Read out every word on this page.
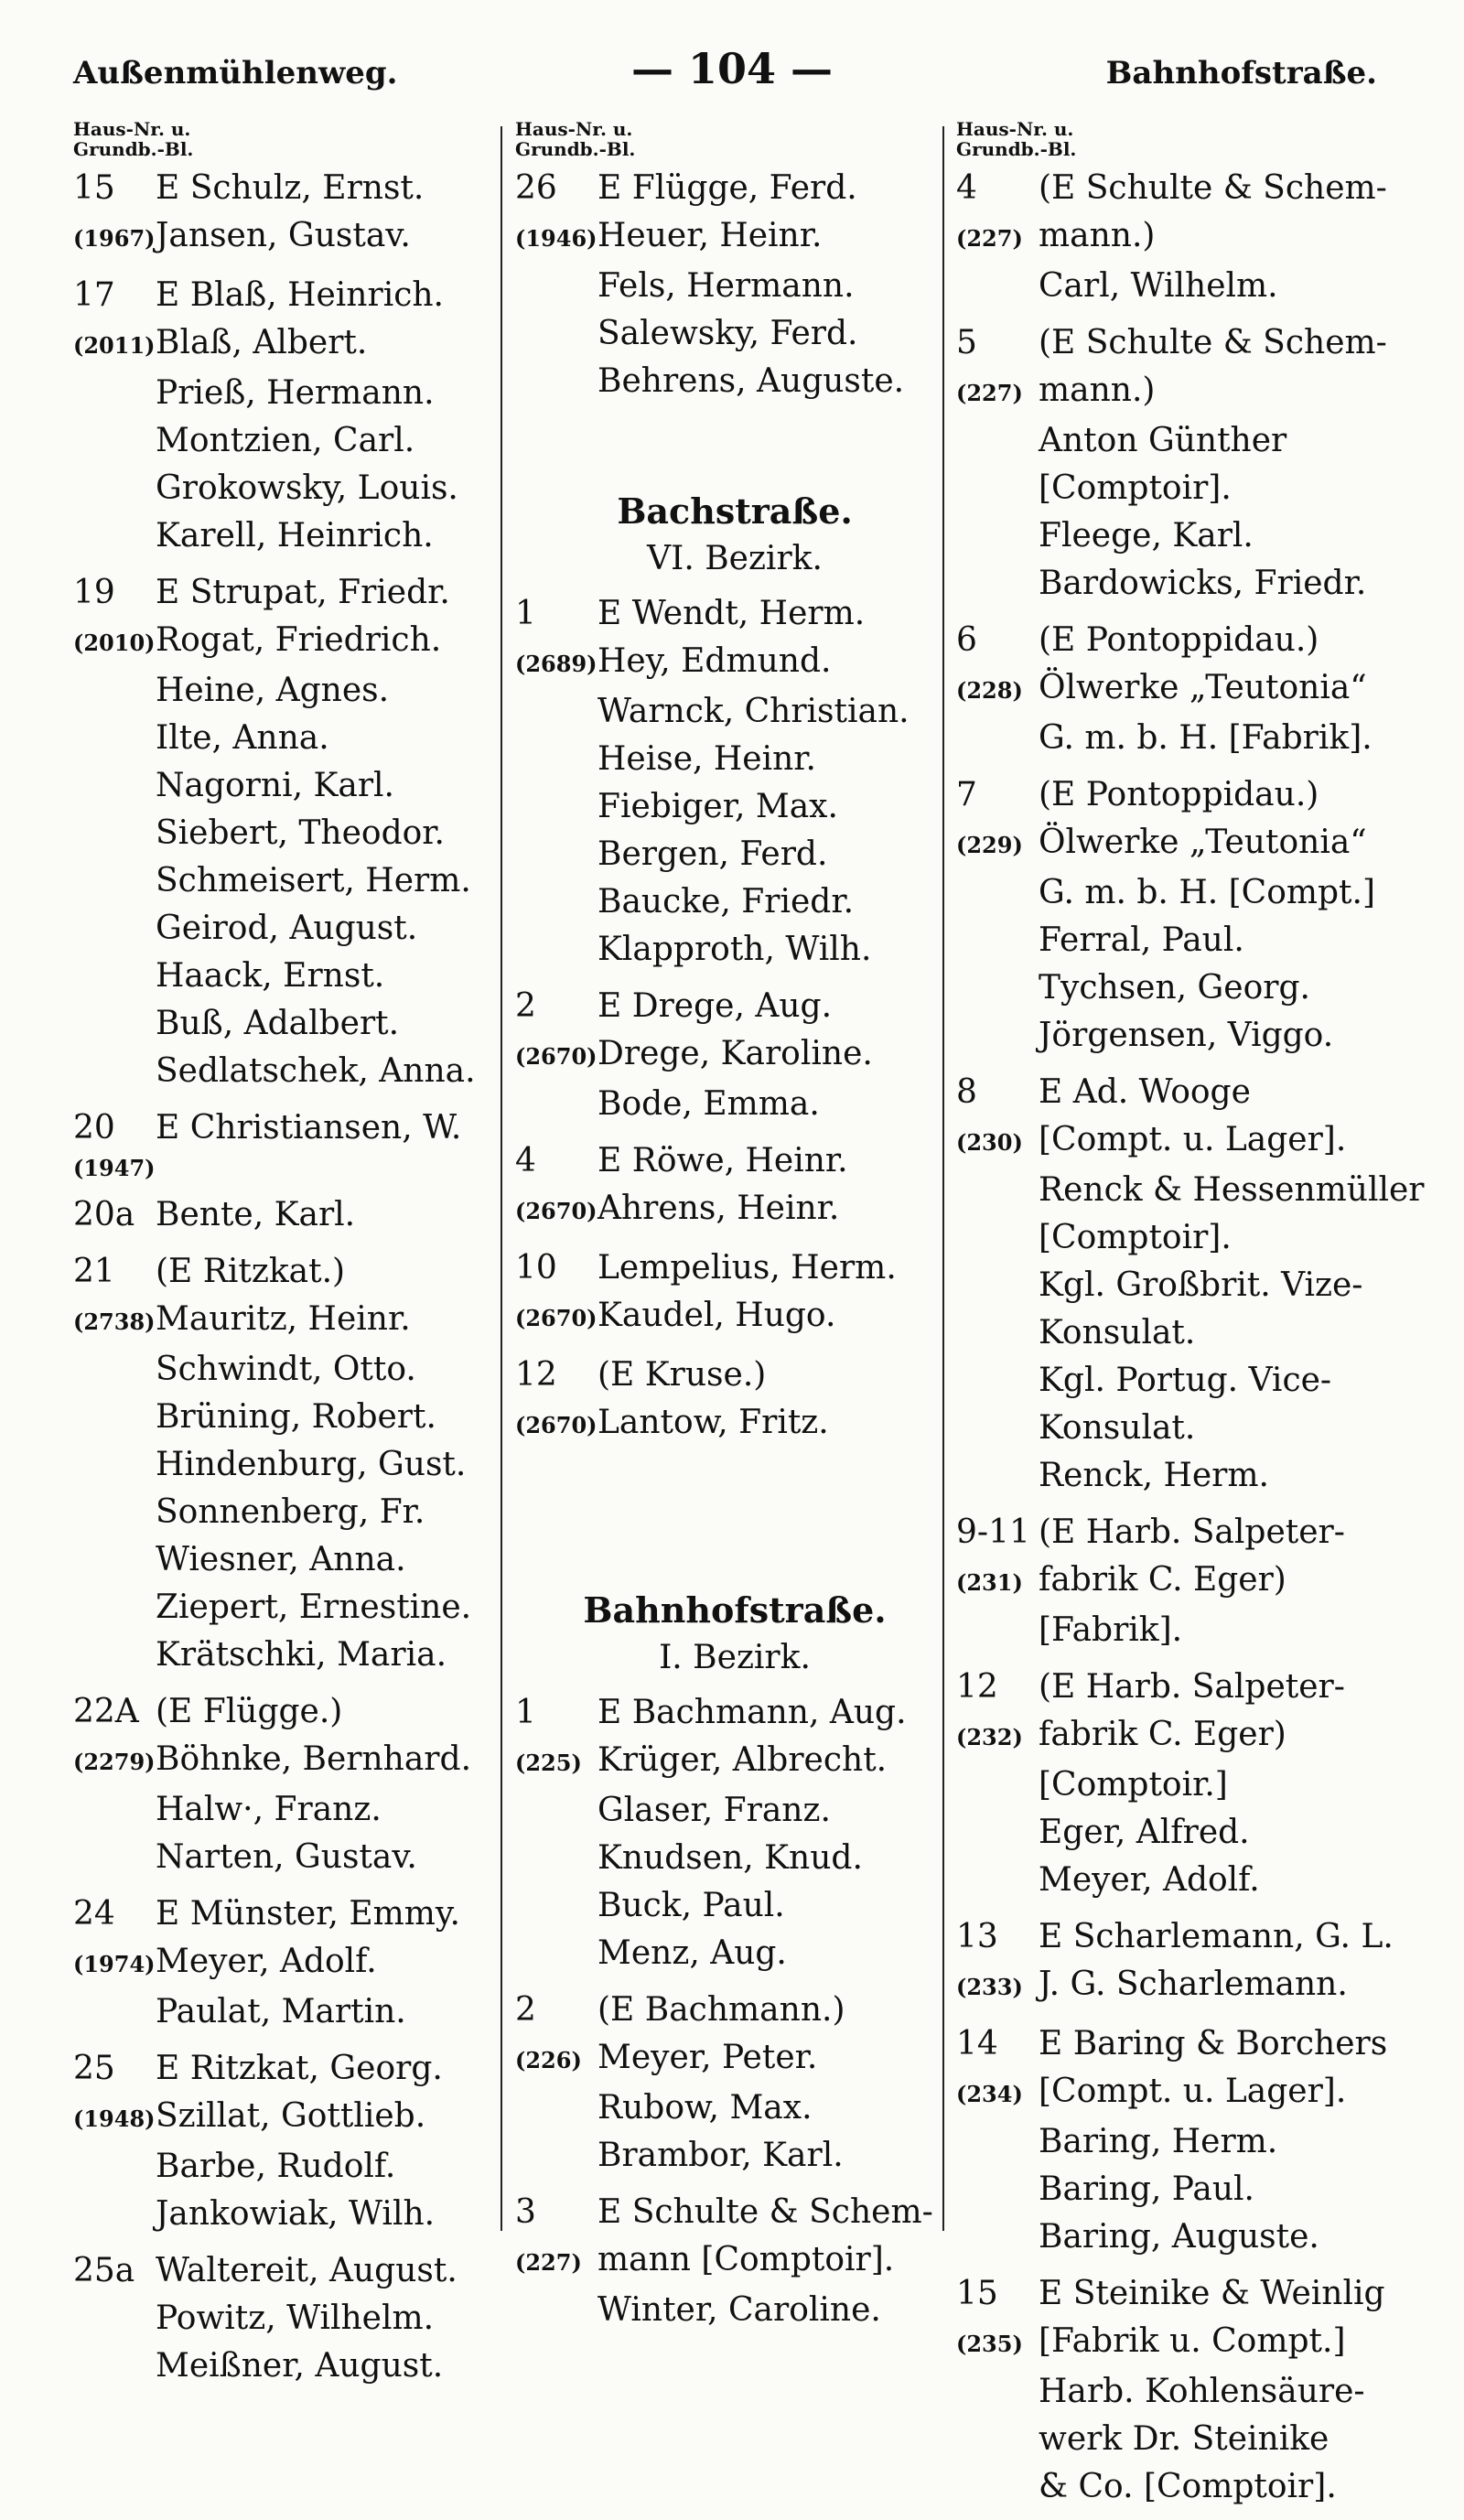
Außenmühlenweg.	— 104 —	Bahnhofstraße.
Haus-Nr. u.
Grundb.-Bl.
15 E Schulz, Ernst.
(1967)Jansen, Gustav.
17 E Blaß, Heinrich.
(2011)Blaß, Albert.
Prieß, Hermann.
Montzien, Carl.
Grokowsky, Louis.
Karell, Heinrich.
19 E Strupat, Friedr.
(2010)Rogat, Friedrich.
Heine, Agnes.
Ilte, Anna.
Nagorni, Karl.
Siebert, Theodor.
Schmeisert, Herm.
Geirod, August.
Haack, Ernst.
Buß, Adalbert.
Sedlatschek, Anna.
20 E Christiansen, W.
(1947)
20a Bente, Karl.
21 (E Ritzkat.)
(2738)Mauritz, Heinr.
Schwindt, Otto.
Brüning, Robert.
Hindenburg, Gust.
Sonnenberg, Fr.
Wiesner, Anna.
Ziepert, Ernestine.
Krätschki, Maria.
22A (E Flügge.)
(2279)Böhnke, Bernhard.
Halw·, Franz.
Narten, Gustav.
24 E Münster, Emmy.
(1974)Meyer, Adolf.
Paulat, Martin.
25 E Ritzkat, Georg.
(1948)Szillat, Gottlieb.
Barbe, Rudolf.
Jankowiak, Wilh.
25a Waltereit, August.
Powitz, Wilhelm.
Meißner, August.
Haus-Nr. u.
Grundb.-Bl.
26 E Flügge, Ferd.
(1946)Heuer, Heinr.
Fels, Hermann.
Salewsky, Ferd.
Behrens, Auguste.
Bachstraße.
VI. Bezirk.
1 E Wendt, Herm.
(2689)Hey, Edmund.
Warnck, Christian.
Heise, Heinr.
Fiebiger, Max.
Bergen, Ferd.
Baucke, Friedr.
Klapproth, Wilh.
2 E Drege, Aug.
(2670)Drege, Karoline.
Bode, Emma.
4 E Röwe, Heinr.
(2670)Ahrens, Heinr.
10 Lempelius, Herm.
(2670)Kaudel, Hugo.
12 (E Kruse.)
(2670)Lantow, Fritz.
Bahnhofstraße.
I. Bezirk.
1 E Bachmann, Aug.
(225) Krüger, Albrecht.
Glaser, Franz.
Knudsen, Knud.
Buck, Paul.
Menz, Aug.
2 (E Bachmann.)
(226) Meyer, Peter.
Rubow, Max.
Brambor, Karl.
3 E Schulte & Schem-
(227) mann [Comptoir].
Winter, Caroline.
Haus-Nr. u.
Grundb.-Bl.
4 (E Schulte & Schem-
(227) mann.)
Carl, Wilhelm.
5 (E Schulte & Schem-
(227) mann.)
Anton Günther
[Comptoir].
Fleege, Karl.
Bardowicks, Friedr.
6 (E Pontoppidau.)
(228) Ölwerke „Teutonia“
G. m. b. H. [Fabrik].
7 (E Pontoppidau.)
(229) Ölwerke „Teutonia“
G. m. b. H. [Compt.]
Ferral, Paul.
Tychsen, Georg.
Jörgensen, Viggo.
8 E Ad. Wooge
(230) [Compt. u. Lager].
Renck & Hessenmüller
[Comptoir].
Kgl. Großbrit. Vize-
Konsulat.
Kgl. Portug. Vice-
Konsulat.
Renck, Herm.
9-11 (E Harb. Salpeter-
(231) fabrik C. Eger)
[Fabrik].
12 (E Harb. Salpeter-
(232) fabrik C. Eger)
[Comptoir.]
Eger, Alfred.
Meyer, Adolf.
13 E Scharlemann, G. L.
(233) J. G. Scharlemann.
14 E Baring & Borchers
(234) [Compt. u. Lager].
Baring, Herm.
Baring, Paul.
Baring, Auguste.
15 E Steinike & Weinlig
(235) [Fabrik u. Compt.]
Harb. Kohlensäure-
werk Dr. Steinike
& Co. [Comptoir].
